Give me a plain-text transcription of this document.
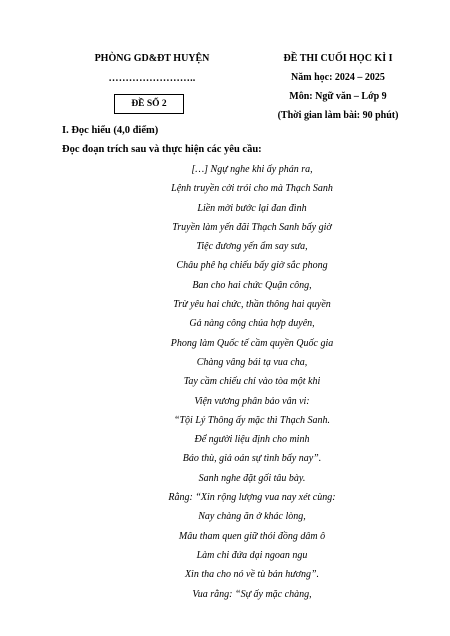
PHÒNG GD&ĐT HUYỆN
……………………..
ĐỀ SỐ 2
ĐỀ THI CUỐI HỌC KÌ I
Năm học: 2024 – 2025
Môn: Ngữ văn – Lớp 9
(Thời gian làm bài: 90 phút)
I. Đọc hiểu (4,0 điểm)
Đọc đoạn trích sau và thực hiện các yêu cầu:
[…] Ngự nghe khi ấy phán ra,
Lệnh truyền cởi trói cho mà Thạch Sanh
Liền mời bước lại đan đình
Truyền làm yến đãi Thạch Sanh bấy giờ
Tiệc đương yến ẩm say sưa,
Châu phê hạ chiếu bấy giờ sắc phong
Ban cho hai chức Quận công,
Trừ yêu hai chức, thần thông hai quyền
Gả nàng công chúa hợp duyên,
Phong làm Quốc tế cầm quyền Quốc gia
Chàng vâng bái tạ vua cha,
Tay cầm chiếu chỉ vào tòa một khi
Viện vương phân bảo vân vi:
“Tội Lý Thông ấy mặc thì Thạch Sanh.
Để người liệu định cho minh
Báo thù, giả oán sự tình bấy nay”.
Sanh nghe đặt gối tâu bày.
Rằng: “Xin rộng lượng vua nay xét cùng:
Nay chàng ăn ở khác lòng,
Mâu tham quen giữ thói đồng dâm ô
Làm chi đứa dại ngoan ngu
Xin tha cho nó về tù bản hương”.
Vua rằng: “Sự ấy mặc chàng,
